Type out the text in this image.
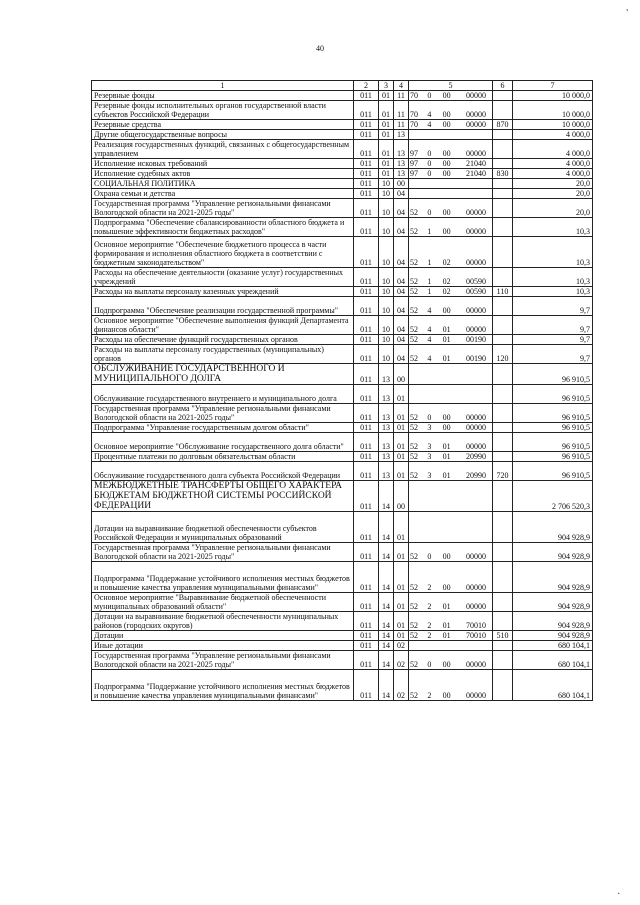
'
40
1	2	3	4	5	6	7
Резервные фонды	011	01	11	70 0 00 00000		10 000,0
Резервные фонды исполнительных органов государственной власти субъектов Российской Федерации	011	01	11	70 4 00 00000		10 000,0
Резервные средства	011	01	11	70 4 00 00000	870	10 000,0
Другие общегосударственные вопросы	011	01	13			4 000,0
Реализация государственных функций, связанных с общегосударственным управлением	011	01	13	97 0 00 00000		4 000,0
Исполнение исковых требований	011	01	13	97 0 00 21040		4 000,0
Исполнение судебных актов	011	01	13	97 0 00 21040	830	4 000,0
СОЦИАЛЬНАЯ ПОЛИТИКА	011	10	00			20,0
Охрана семьи и детства	011	10	04			20,0
Государственная программа "Управление региональными финансами Вологодской области на 2021-2025 годы"	011	10	04	52 0 00 00000		20,0
Подпрограмма "Обеспечение сбалансированности областного бюджета и повышение эффективности бюджетных расходов"	011	10	04	52 1 00 00000		10,3
Основное мероприятие "Обеспечение бюджетного процесса в части формирования и исполнения областного бюджета в соответствии с бюджетным законодательством"	011	10	04	52 1 02 00000		10,3
Расходы на обеспечение деятельности (оказание услуг) государственных учреждений	011	10	04	52 1 02 00590		10,3
Расходы на выплаты персоналу казенных учреждений	011	10	04	52 1 02 00590	110	10,3
Подпрограмма "Обеспечение реализации государственной программы"	011	10	04	52 4 00 00000		9,7
Основное мероприятие "Обеспечение выполнения функций Департамента финансов области"	011	10	04	52 4 01 00000		9,7
Расходы на обеспечение функций государственных органов	011	10	04	52 4 01 00190		9,7
Расходы на выплаты персоналу государственных (муниципальных) органов	011	10	04	52 4 01 00190	120	9,7
ОБСЛУЖИВАНИЕ ГОСУДАРСТВЕННОГО И МУНИЦИПАЛЬНОГО ДОЛГА	011	13	00			96 910,5
Обслуживание государственного внутреннего и муниципального долга	011	13	01			96 910,5
Государственная программа "Управление региональными финансами Вологодской области на 2021-2025 годы"	011	13	01	52 0 00 00000		96 910,5
Подпрограмма "Управление государственным долгом области"	011	13	01	52 3 00 00000		96 910,5
Основное мероприятие "Обслуживание государственного долга области"	011	13	01	52 3 01 00000		96 910,5
Процентные платежи по долговым обязательствам области	011	13	01	52 3 01 20990		96 910,5
Обслуживание государственного долга субъекта Российской Федерации	011	13	01	52 3 01 20990	720	96 910,5
МЕЖБЮДЖЕТНЫЕ ТРАНСФЕРТЫ ОБЩЕГО ХАРАКТЕРА БЮДЖЕТАМ БЮДЖЕТНОЙ СИСТЕМЫ РОССИЙСКОЙ ФЕДЕРАЦИИ	011	14	00			2 706 520,3
Дотации на выравнивание бюджетной обеспеченности субъектов Российской Федерации и муниципальных образований	011	14	01			904 928,9
Государственная программа "Управление региональными финансами Вологодской области на 2021-2025 годы"	011	14	01	52 0 00 00000		904 928,9
Подпрограмма "Поддержание устойчивого исполнения местных бюджетов и повышение качества управления муниципальными финансами"	011	14	01	52 2 00 00000		904 928,9
Основное мероприятие "Выравнивание бюджетной обеспеченности муниципальных образований области"	011	14	01	52 2 01 00000		904 928,9
Дотации на выравнивание бюджетной обеспеченности муниципальных районов (городских округов)	011	14	01	52 2 01 70010		904 928,9
Дотации	011	14	01	52 2 01 70010	510	904 928,9
Иные дотации	011	14	02			680 104,1
Государственная программа "Управление региональными финансами Вологодской области на 2021-2025 годы"	011	14	02	52 0 00 00000		680 104,1
Подпрограмма "Поддержание устойчивого исполнения местных бюджетов и повышение качества управления муниципальными финансами"	011	14	02	52 2 00 00000		680 104,1
.
